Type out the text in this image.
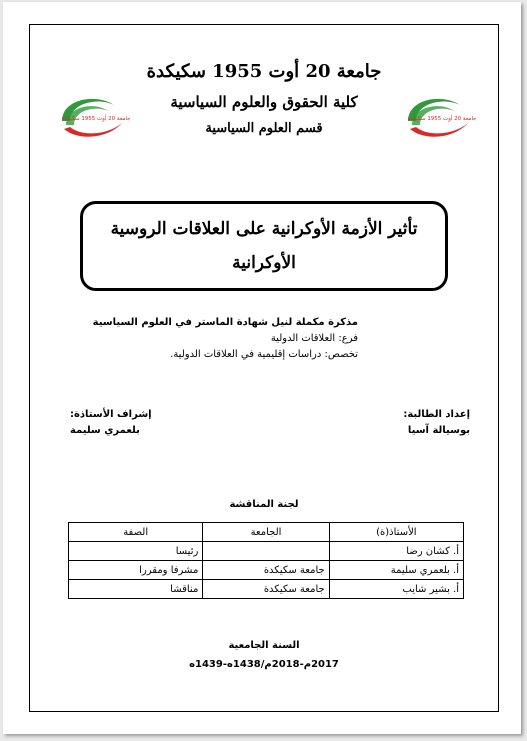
جامعة 20 أوت 1955 سكيكدة
كلية الحقوق والعلوم السياسية
قسم العلوم السياسية
جامعة 20 أوت 1955 سكيكدة	جامعة 20 أوت 1955 سكيكدة
تأثير الأزمة الأوكرانية على العلاقات الروسية الأوكرانية
مذكرة مكملة لنيل شهادة الماستر في العلوم السياسية
فرع: العلاقات الدولية
تخصص: دراسات إقليمية في العلاقات الدولية.
إعداد الطالبة:
بوسيالة آسيا
إشراف الأستاذة:
بلعمري سليمة
لجنة المناقشة
الأستاذ(ة)	الجامعة	الصفة
أ. كشان رضا		رئيسا
أ. بلعمري سليمة	جامعة سكيكدة	مشرفا ومقررا
أ. بشير شايب	جامعة سكيكدة	مناقشا
السنة الجامعية
2017م-2018م/1438ه-1439ه
